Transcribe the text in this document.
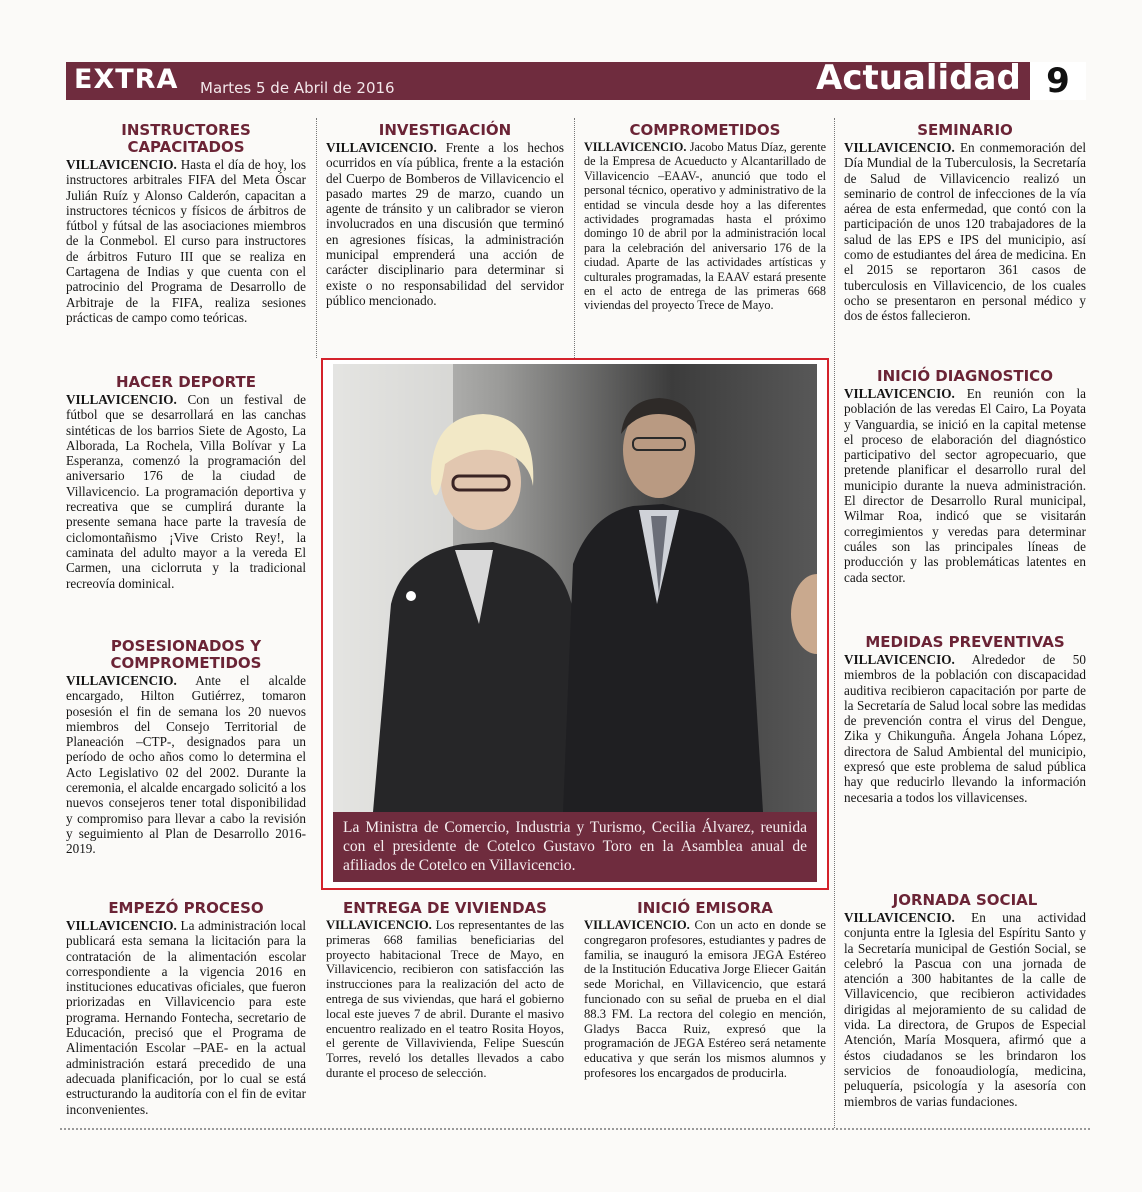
EXTRA Martes 5 de Abril de 2016	Actualidad 9
INSTRUCTORES CAPACITADOS

VILLAVICENCIO. Hasta el día de hoy, los instructores arbitrales FIFA del Meta Óscar Julián Ruíz y Alonso Calderón, capacitan a instructores técnicos y físicos de árbitros de fútbol y fútsal de las asociaciones miembros de la Conmebol. El curso para instructores de árbitros Futuro III que se realiza en Cartagena de Indias y que cuenta con el patrocinio del Programa de Desarrollo de Arbitraje de la FIFA, realiza sesiones prácticas de campo como teóricas.

HACER DEPORTE

VILLAVICENCIO. Con un festival de fútbol que se desarrollará en las canchas sintéticas de los barrios Siete de Agosto, La Alborada, La Rochela, Villa Bolívar y La Esperanza, comenzó la programación del aniversario 176 de la ciudad de Villavicencio. La programación deportiva y recreativa que se cumplirá durante la presente semana hace parte la travesía de ciclomontañismo ¡Vive Cristo Rey!, la caminata del adulto mayor a la vereda El Carmen, una ciclorruta y la tradicional recreovía dominical.

POSESIONADOS Y COMPROMETIDOS

VILLAVICENCIO. Ante el alcalde encargado, Hilton Gutiérrez, tomaron posesión el fin de semana los 20 nuevos miembros del Consejo Territorial de Planeación –CTP-, designados para un período de ocho años como lo determina el Acto Legislativo 02 del 2002. Durante la ceremonia, el alcalde encargado solicitó a los nuevos consejeros tener total disponibilidad y compromiso para llevar a cabo la revisión y seguimiento al Plan de Desarrollo 2016-2019.

EMPEZÓ PROCESO

VILLAVICENCIO. La administración local publicará esta semana la licitación para la contratación de la alimentación escolar correspondiente a la vigencia 2016 en instituciones educativas oficiales, que fueron priorizadas en Villavicencio para este programa. Hernando Fontecha, secretario de Educación, precisó que el Programa de Alimentación Escolar –PAE- en la actual administración estará precedido de una adecuada planificación, por lo cual se está estructurando la auditoría con el fin de evitar inconvenientes.

INVESTIGACIÓN

VILLAVICENCIO. Frente a los hechos ocurridos en vía pública, frente a la estación del Cuerpo de Bomberos de Villavicencio el pasado martes 29 de marzo, cuando un agente de tránsito y un calibrador se vieron involucrados en una discusión que terminó en agresiones físicas, la administración municipal emprenderá una acción de carácter disciplinario para determinar si existe o no responsabilidad del servidor público mencionado.

COMPROMETIDOS

VILLAVICENCIO. Jacobo Matus Díaz, gerente de la Empresa de Acueducto y Alcantarillado de Villavicencio –EAAV-, anunció que todo el personal técnico, operativo y administrativo de la entidad se vincula desde hoy a las diferentes actividades programadas hasta el próximo domingo 10 de abril por la administración local para la celebración del aniversario 176 de la ciudad. Aparte de las actividades artísticas y culturales programadas, la EAAV estará presente en el acto de entrega de las primeras 668 viviendas del proyecto Trece de Mayo.

SEMINARIO

VILLAVICENCIO. En conmemoración del Día Mundial de la Tuberculosis, la Secretaría de Salud de Villavicencio realizó un seminario de control de infecciones de la vía aérea de esta enfermedad, que contó con la participación de unos 120 trabajadores de la salud de las EPS e IPS del municipio, así como de estudiantes del área de medicina. En el 2015 se reportaron 361 casos de tuberculosis en Villavicencio, de los cuales ocho se presentaron en personal médico y dos de éstos fallecieron.

INICIÓ DIAGNOSTICO

VILLAVICENCIO. En reunión con la población de las veredas El Cairo, La Poyata y Vanguardia, se inició en la capital metense el proceso de elaboración del diagnóstico participativo del sector agropecuario, que pretende planificar el desarrollo rural del municipio durante la nueva administración. El director de Desarrollo Rural municipal, Wilmar Roa, indicó que se visitarán corregimientos y veredas para determinar cuáles son las principales líneas de producción y las problemáticas latentes en cada sector.

MEDIDAS PREVENTIVAS

VILLAVICENCIO. Alrededor de 50 miembros de la población con discapacidad auditiva recibieron capacitación por parte de la Secretaría de Salud local sobre las medidas de prevención contra el virus del Dengue, Zika y Chikunguña. Ángela Johana López, directora de Salud Ambiental del municipio, expresó que este problema de salud pública hay que reducirlo llevando la información necesaria a todos los villavicenses.

JORNADA SOCIAL

VILLAVICENCIO. En una actividad conjunta entre la Iglesia del Espíritu Santo y la Secretaría municipal de Gestión Social, se celebró la Pascua con una jornada de atención a 300 habitantes de la calle de Villavicencio, que recibieron actividades dirigidas al mejoramiento de su calidad de vida. La directora, de Grupos de Especial Atención, María Mosquera, afirmó que a éstos ciudadanos se les brindaron los servicios de fonoaudiología, medicina, peluquería, psicología y la asesoría con miembros de varias fundaciones.

La Ministra de Comercio, Industria y Turismo, Cecilia Álvarez, reunida con el presidente de Cotelco Gustavo Toro en la Asamblea anual de afiliados de Cotelco en Villavicencio.
ENTREGA DE VIVIENDAS

VILLAVICENCIO. Los representantes de las primeras 668 familias beneficiarias del proyecto habitacional Trece de Mayo, en Villavicencio, recibieron con satisfacción las instrucciones para la realización del acto de entrega de sus viviendas, que hará el gobierno local este jueves 7 de abril. Durante el masivo encuentro realizado en el teatro Rosita Hoyos, el gerente de Villavivienda, Felipe Suescún Torres, reveló los detalles llevados a cabo durante el proceso de selección.

INICIÓ EMISORA

VILLAVICENCIO. Con un acto en donde se congregaron profesores, estudiantes y padres de familia, se inauguró la emisora JEGA Estéreo de la Institución Educativa Jorge Eliecer Gaitán sede Morichal, en Villavicencio, que estará funcionado con su señal de prueba en el dial 88.3 FM. La rectora del colegio en mención, Gladys Bacca Ruiz, expresó que la programación de JEGA Estéreo será netamente educativa y que serán los mismos alumnos y profesores los encargados de producirla.
